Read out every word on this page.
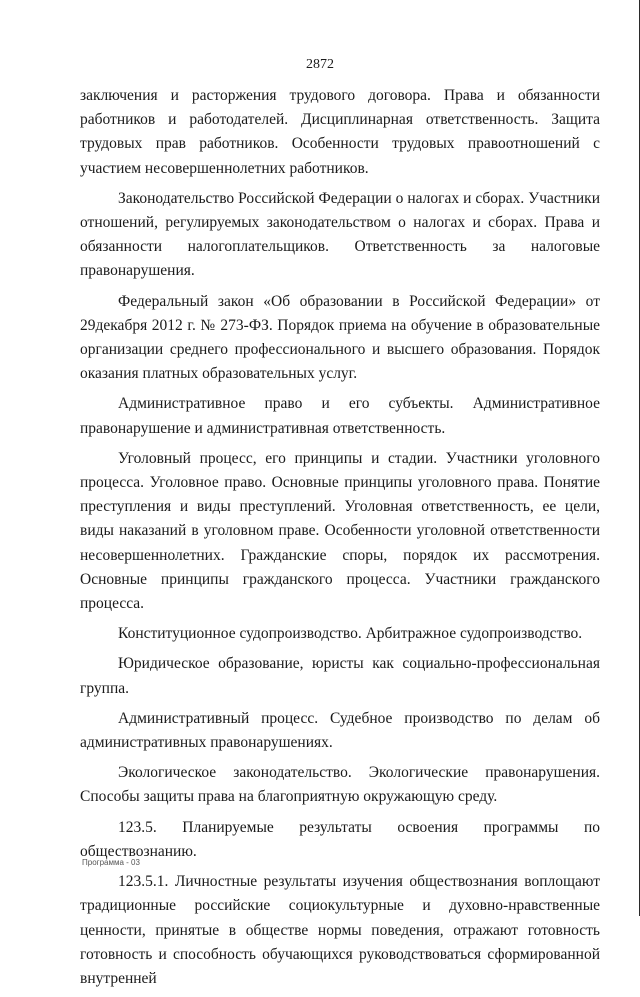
2872

заключения и расторжения трудового договора. Права и обязанности работников и работодателей. Дисциплинарная ответственность. Защита трудовых прав работников. Особенности трудовых правоотношений с участием несовершеннолетних работников.

Законодательство Российской Федерации о налогах и сборах. Участники отношений, регулируемых законодательством о налогах и сборах. Права и обязанности налогоплательщиков. Ответственность за налоговые правонарушения.

Федеральный закон «Об образовании в Российской Федерации» от 29декабря 2012 г. № 273-ФЗ. Порядок приема на обучение в образовательные организации среднего профессионального и высшего образования. Порядок оказания платных образовательных услуг.

Административное право и его субъекты. Административное правонарушение и административная ответственность.

Уголовный процесс, его принципы и стадии. Участники уголовного процесса. Уголовное право. Основные принципы уголовного права. Понятие преступления и виды преступлений. Уголовная ответственность, ее цели, виды наказаний в уголовном праве. Особенности уголовной ответственности несовершеннолетних. Гражданские споры, порядок их рассмотрения. Основные принципы гражданского процесса. Участники гражданского процесса.

Конституционное судопроизводство. Арбитражное судопроизводство.

Юридическое образование, юристы как социально-профессиональная группа.

Административный процесс. Судебное производство по делам об административных правонарушениях.

Экологическое законодательство. Экологические правонарушения. Способы защиты права на благоприятную окружающую среду.

123.5. Планируемые результаты освоения программы по обществознанию.

123.5.1. Личностные результаты изучения обществознания воплощают традиционные российские социокультурные и духовно-нравственные ценности, принятые в обществе нормы поведения, отражают готовность готовность и способность обучающихся руководствоваться сформированной внутренней

Программа - 03
